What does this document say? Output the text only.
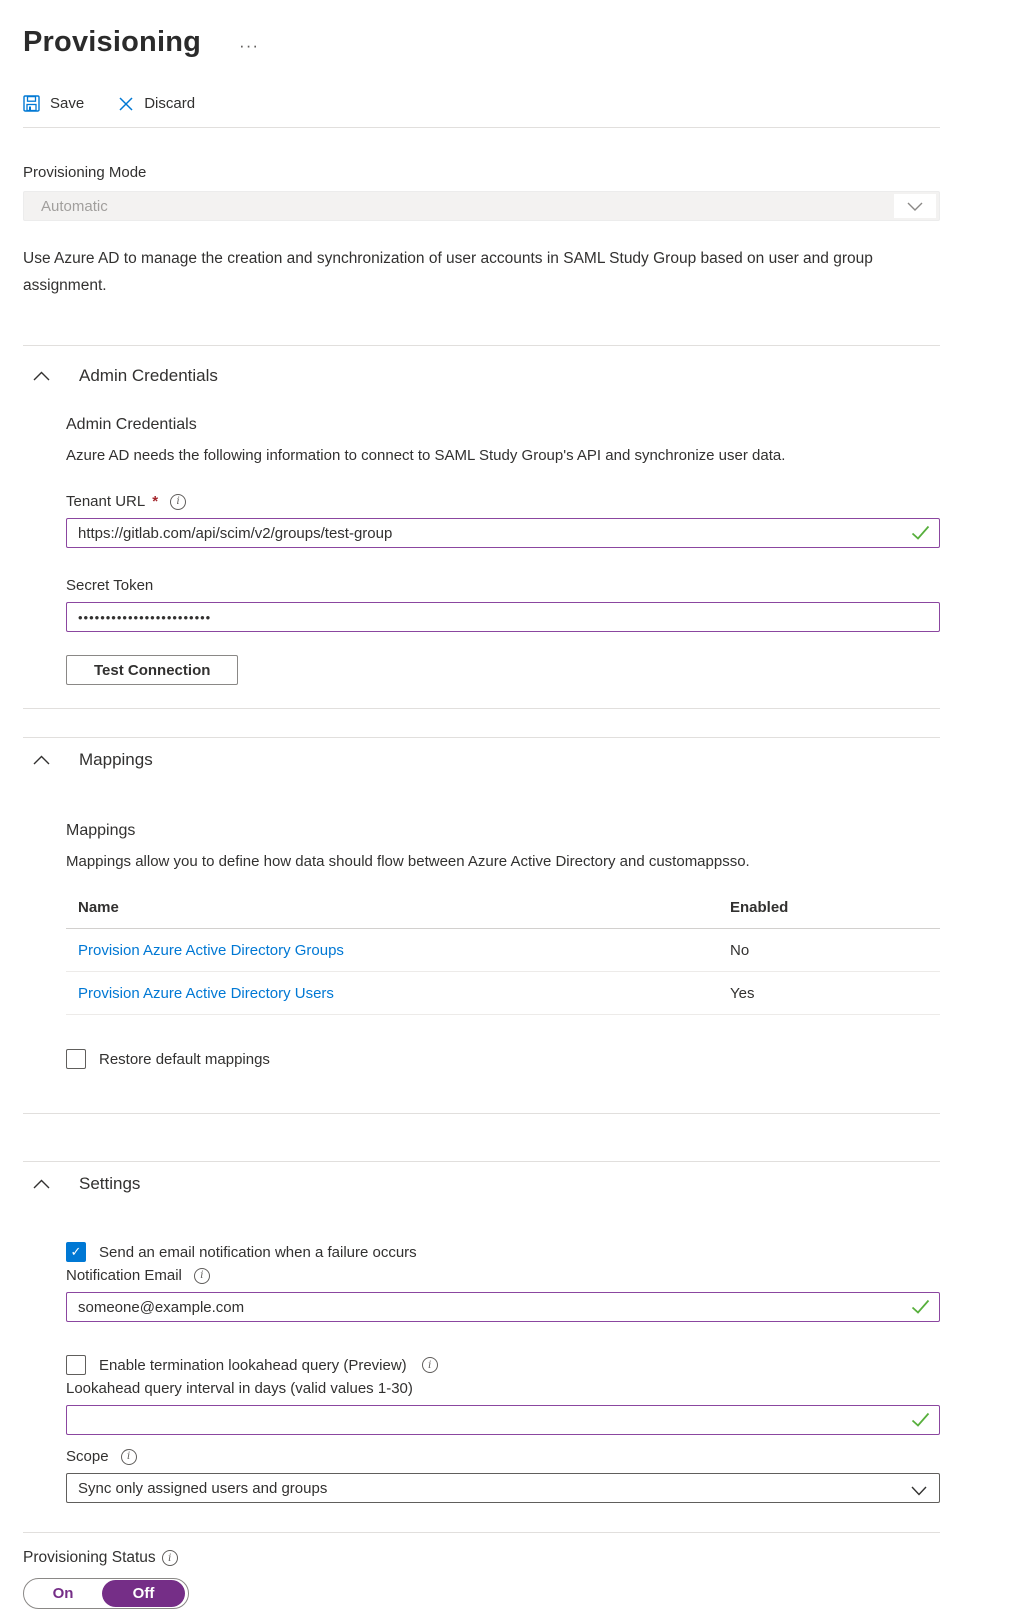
Provisioning ···
Save	Discard
Provisioning Mode
Automatic

Use Azure AD to manage the creation and synchronization of user accounts in SAML Study Group based on user and group assignment.

Admin Credentials
Admin Credentials

Azure AD needs the following information to connect to SAML Study Group's API and synchronize user data.

Tenant URL *	i
https://gitlab.com/api/scim/v2/groups/test-group
Secret Token
••••••••••••••••••••••••
Test Connection
Mappings
Mappings

Mappings allow you to define how data should flow between Azure Active Directory and customappsso.

Name	Enabled
Provision Azure Active Directory Groups	No
Provision Azure Active Directory Users	Yes
Restore default mappings
Settings
✓	Send an email notification when a failure occurs
Notification Email	i
someone@example.com
Enable termination lookahead query (Preview)	i
Lookahead query interval in days (valid values 1-30)
Scope	i
Sync only assigned users and groups
Provisioning Status	i
On	Off
